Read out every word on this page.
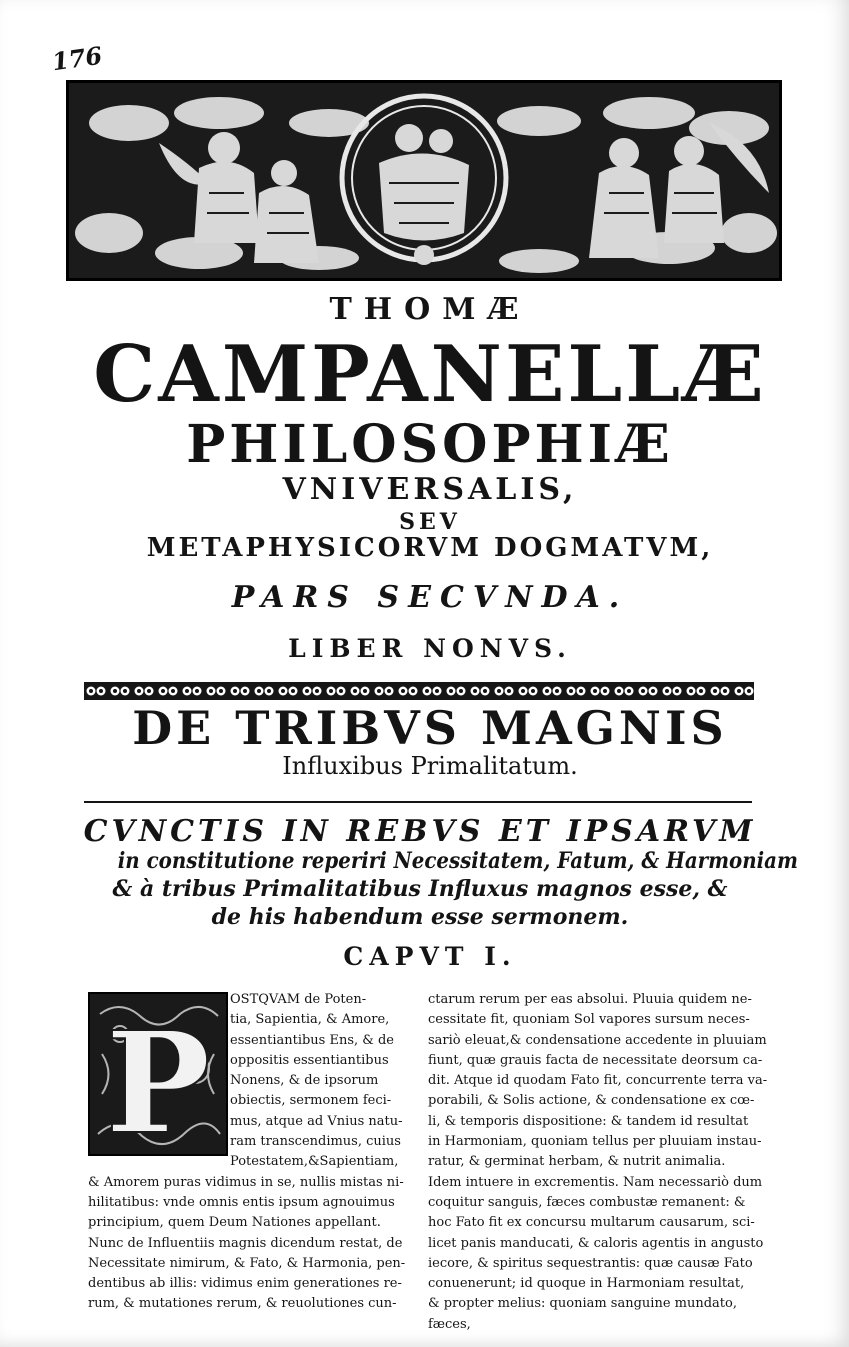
176
THOMÆ
CAMPANELLÆ
PHILOSOPHIÆ
VNIVERSALIS,
SEV
METAPHYSICORVM DOGMATVM,
PARS SECVNDA.
LIBER NONVS.
DE TRIBVS MAGNIS
Influxibus Primalitatum.
CVNCTIS IN REBVS ET IPSARVM
in constitutione reperiri Necessitatem, Fatum, & Harmoniam
& à tribus Primalitatibus Influxus magnos esse, &
de his habendum esse sermonem.
CAPVT I.
P
OSTQVAM de Poten-
tia, Sapientia, & Amore,
essentiantibus Ens, & de
oppositis essentiantibus
Nonens, & de ipsorum
obiectis, sermonem feci-
mus, atque ad Vnius natu-
ram transcendimus, cuius
Potestatem,&Sapientiam,
& Amorem puras vidimus in se, nullis mistas ni-
hilitatibus: vnde omnis entis ipsum agnouimus
principium, quem Deum Nationes appellant.
Nunc de Influentiis magnis dicendum restat, de
Necessitate nimirum, & Fato, & Harmonia, pen-
dentibus ab illis: vidimus enim generationes re-
rum, & mutationes rerum, & reuolutiones cun-
ctarum rerum per eas absolui. Pluuia quidem ne-
cessitate fit, quoniam Sol vapores sursum neces-
sariò eleuat,& condensatione accedente in pluuiam
fiunt, quæ grauis facta de necessitate deorsum ca-
dit. Atque id quodam Fato fit, concurrente terra va-
porabili, & Solis actione, & condensatione ex cœ-
li, & temporis dispositione: & tandem id resultat
in Harmoniam, quoniam tellus per pluuiam instau-
ratur, & germinat herbam, & nutrit animalia.
Idem intuere in excrementis. Nam necessariò dum
coquitur sanguis, fæces combustæ remanent: &
hoc Fato fit ex concursu multarum causarum, sci-
licet panis manducati, & caloris agentis in angusto
iecore, & spiritus sequestrantis: quæ causæ Fato
conuenerunt; id quoque in Harmoniam resultat,
& propter melius: quoniam sanguine mundato,
fæces,
